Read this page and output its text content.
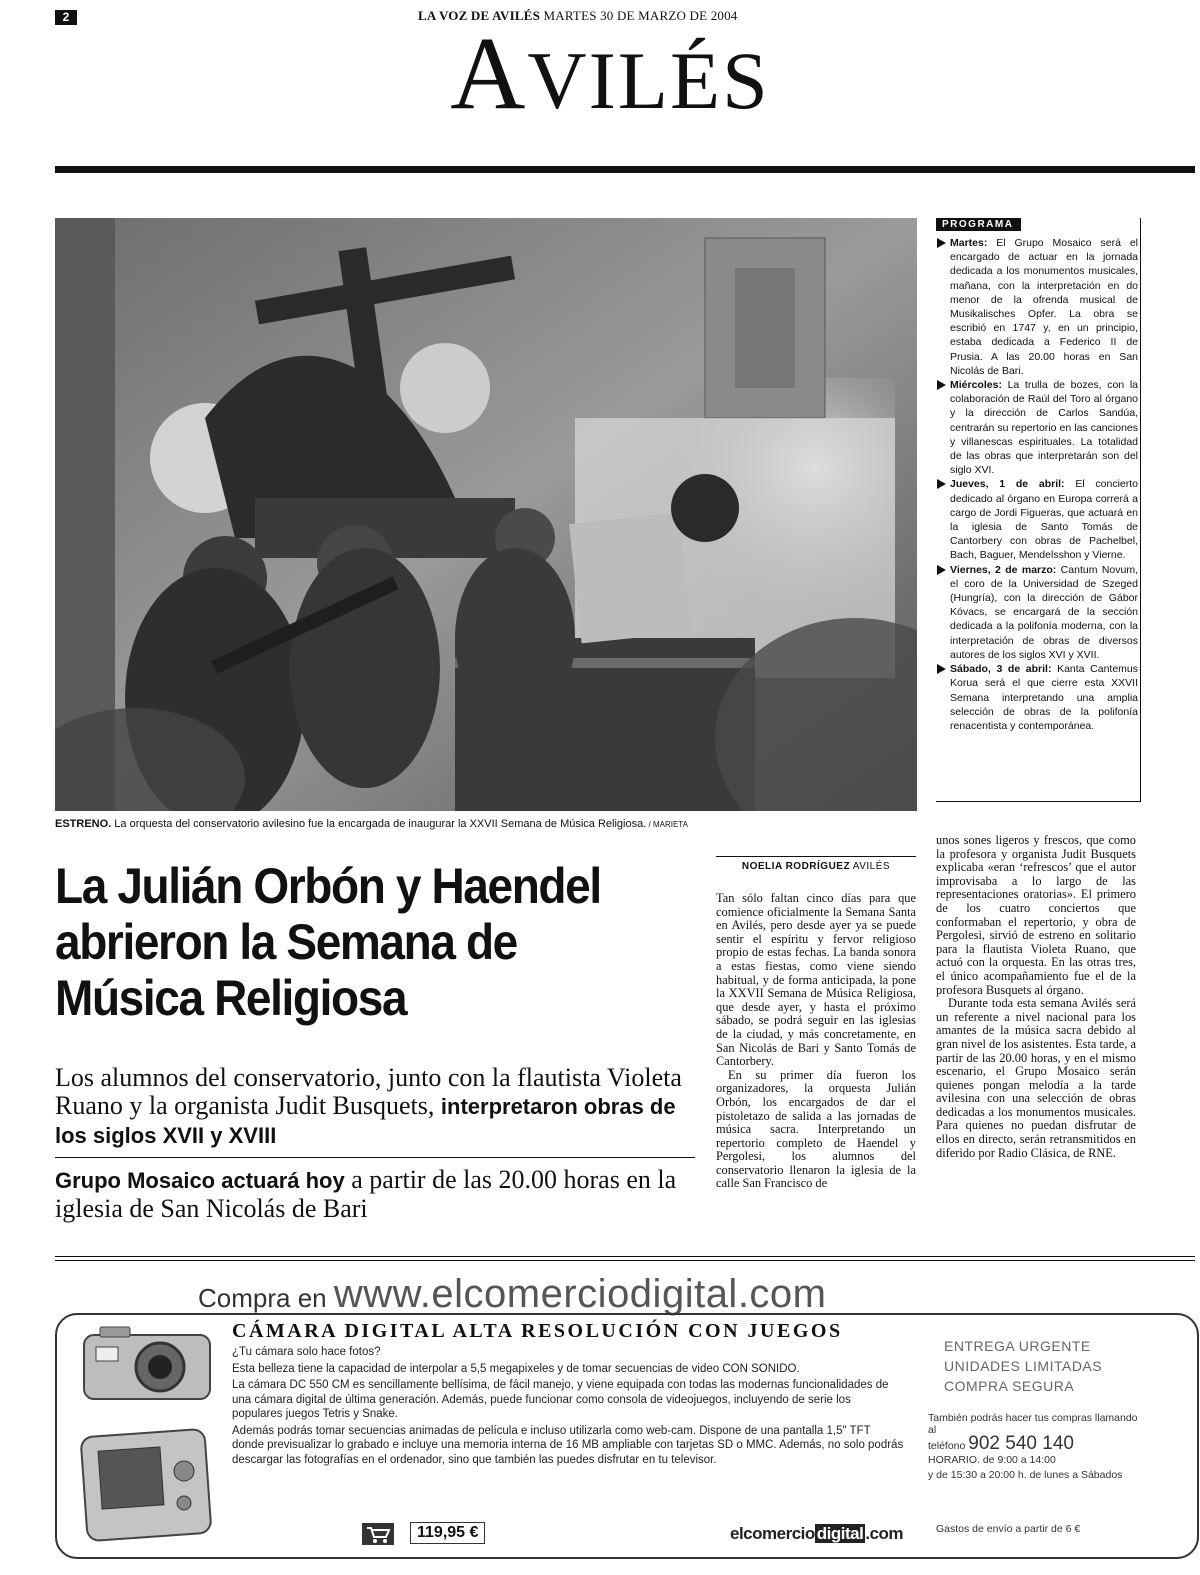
2	LA VOZ DE AVILÉS MARTES 30 DE MARZO DE 2004
AVILÉS
ESTRENO. La orquesta del conservatorio avilesino fue la encargada de inaugurar la XXVII Semana de Música Religiosa. / MARIETA
PROGRAMA
Martes: El Grupo Mosaico será el encargado de actuar en la jornada dedicada a los monumentos musicales, mañana, con la interpretación en do menor de la ofrenda musical de Musikalisches Opfer. La obra se escribió en 1747 y, en un principio, estaba dedicada a Federico II de Prusia. A las 20.00 horas en San Nicolás de Bari.
Miércoles: La trulla de bozes, con la colaboración de Raúl del Toro al órgano y la dirección de Carlos Sandúa, centrarán su repertorio en las canciones y villanescas espirituales. La totalidad de las obras que interpretarán son del siglo XVI.
Jueves, 1 de abril: El concierto dedicado al órgano en Europa correrá a cargo de Jordi Figueras, que actuará en la iglesia de Santo Tomás de Cantorbery con obras de Pachelbel, Bach, Baguer, Mendelsshon y Vierne.
Viernes, 2 de marzo: Cantum Novum, el coro de la Universidad de Szeged (Hungría), con la dirección de Gábor Kóvacs, se encargará de la sección dedicada a la polifonía moderna, con la interpretación de obras de diversos autores de los siglos XVI y XVII.
Sábado, 3 de abril: Kanta Cantemus Korua será el que cierre esta XXVII Semana interpretando una amplia selección de obras de la polifonía renacentista y contemporánea.
La Julián Orbón y Haendel abrieron la Semana de Música Religiosa
Los alumnos del conservatorio, junto con la flautista Violeta Ruano y la organista Judit Busquets, interpretaron obras de los siglos XVII y XVIII
Grupo Mosaico actuará hoy a partir de las 20.00 horas en la iglesia de San Nicolás de Bari
NOELIA RODRÍGUEZ AVILÉS

Tan sólo faltan cinco días para que comience oficialmente la Semana Santa en Avilés, pero desde ayer ya se puede sentir el espíritu y fervor religioso propio de estas fechas. La banda sonora a estas fiestas, como viene siendo habitual, y de forma anticipada, la pone la XXVII Semana de Música Religiosa, que desde ayer, y hasta el próximo sábado, se podrá seguir en las iglesias de la ciudad, y más concretamente, en San Nicolás de Bari y Santo Tomás de Cantorbery.

En su primer día fueron los organizadores, la orquesta Julián Orbón, los encargados de dar el pistoletazo de salida a las jornadas de música sacra. Interpretando un repertorio completo de Haendel y Pergolesi, los alumnos del conservatorio llenaron la iglesia de la calle San Francisco de

unos sones ligeros y frescos, que como la profesora y organista Judit Busquets explicaba «eran ‘refrescos’ que el autor improvisaba a lo largo de las representaciones oratorias». El primero de los cuatro conciertos que conformaban el repertorio, y obra de Pergolesi, sirvió de estreno en solitario para la flautista Violeta Ruano, que actuó con la orquesta. En las otras tres, el único acompañamiento fue el de la profesora Busquets al órgano.

Durante toda esta semana Avilés será un referente a nivel nacional para los amantes de la música sacra debido al gran nivel de los asistentes. Esta tarde, a partir de las 20.00 horas, y en el mismo escenario, el Grupo Mosaico serán quienes pongan melodía a la tarde avilesina con una selección de obras dedicadas a los monumentos musicales. Para quienes no puedan disfrutar de ellos en directo, serán retransmitidos en diferido por Radio Clásica, de RNE.

Compra en www.elcomerciodigital.com
CÁMARA DIGITAL ALTA RESOLUCIÓN CON JUEGOS

¿Tu cámara solo hace fotos?

Esta belleza tiene la capacidad de interpolar a 5,5 megapixeles y de tomar secuencias de video CON SONIDO.

La cámara DC 550 CM es sencillamente bellísima, de fácil manejo, y viene equipada con todas las modernas funcionalidades de una cámara digital de última generación. Además, puede funcionar como consola de videojuegos, incluyendo de serie los populares juegos Tetris y Snake.

Además podrás tomar secuencias animadas de película e incluso utilizarla como web-cam. Dispone de una pantalla 1,5" TFT donde previsualizar lo grabado e incluye una memoria interna de 16 MB ampliable con tarjetas SD o MMC. Además, no solo podrás descargar las fotografías en el ordenador, sino que también las puedes disfrutar en tu televisor.

119,95 €	elcomercio digital .com
ENTREGA URGENTE
UNIDADES LIMITADAS
COMPRA SEGURA
También podrás hacer tus compras llamando al
teléfono 902 540 140
HORARIO. de 9:00 a 14:00
y de 15:30 a 20:00 h. de lunes a Sábados
Gastos de envío a partir de 6 €
